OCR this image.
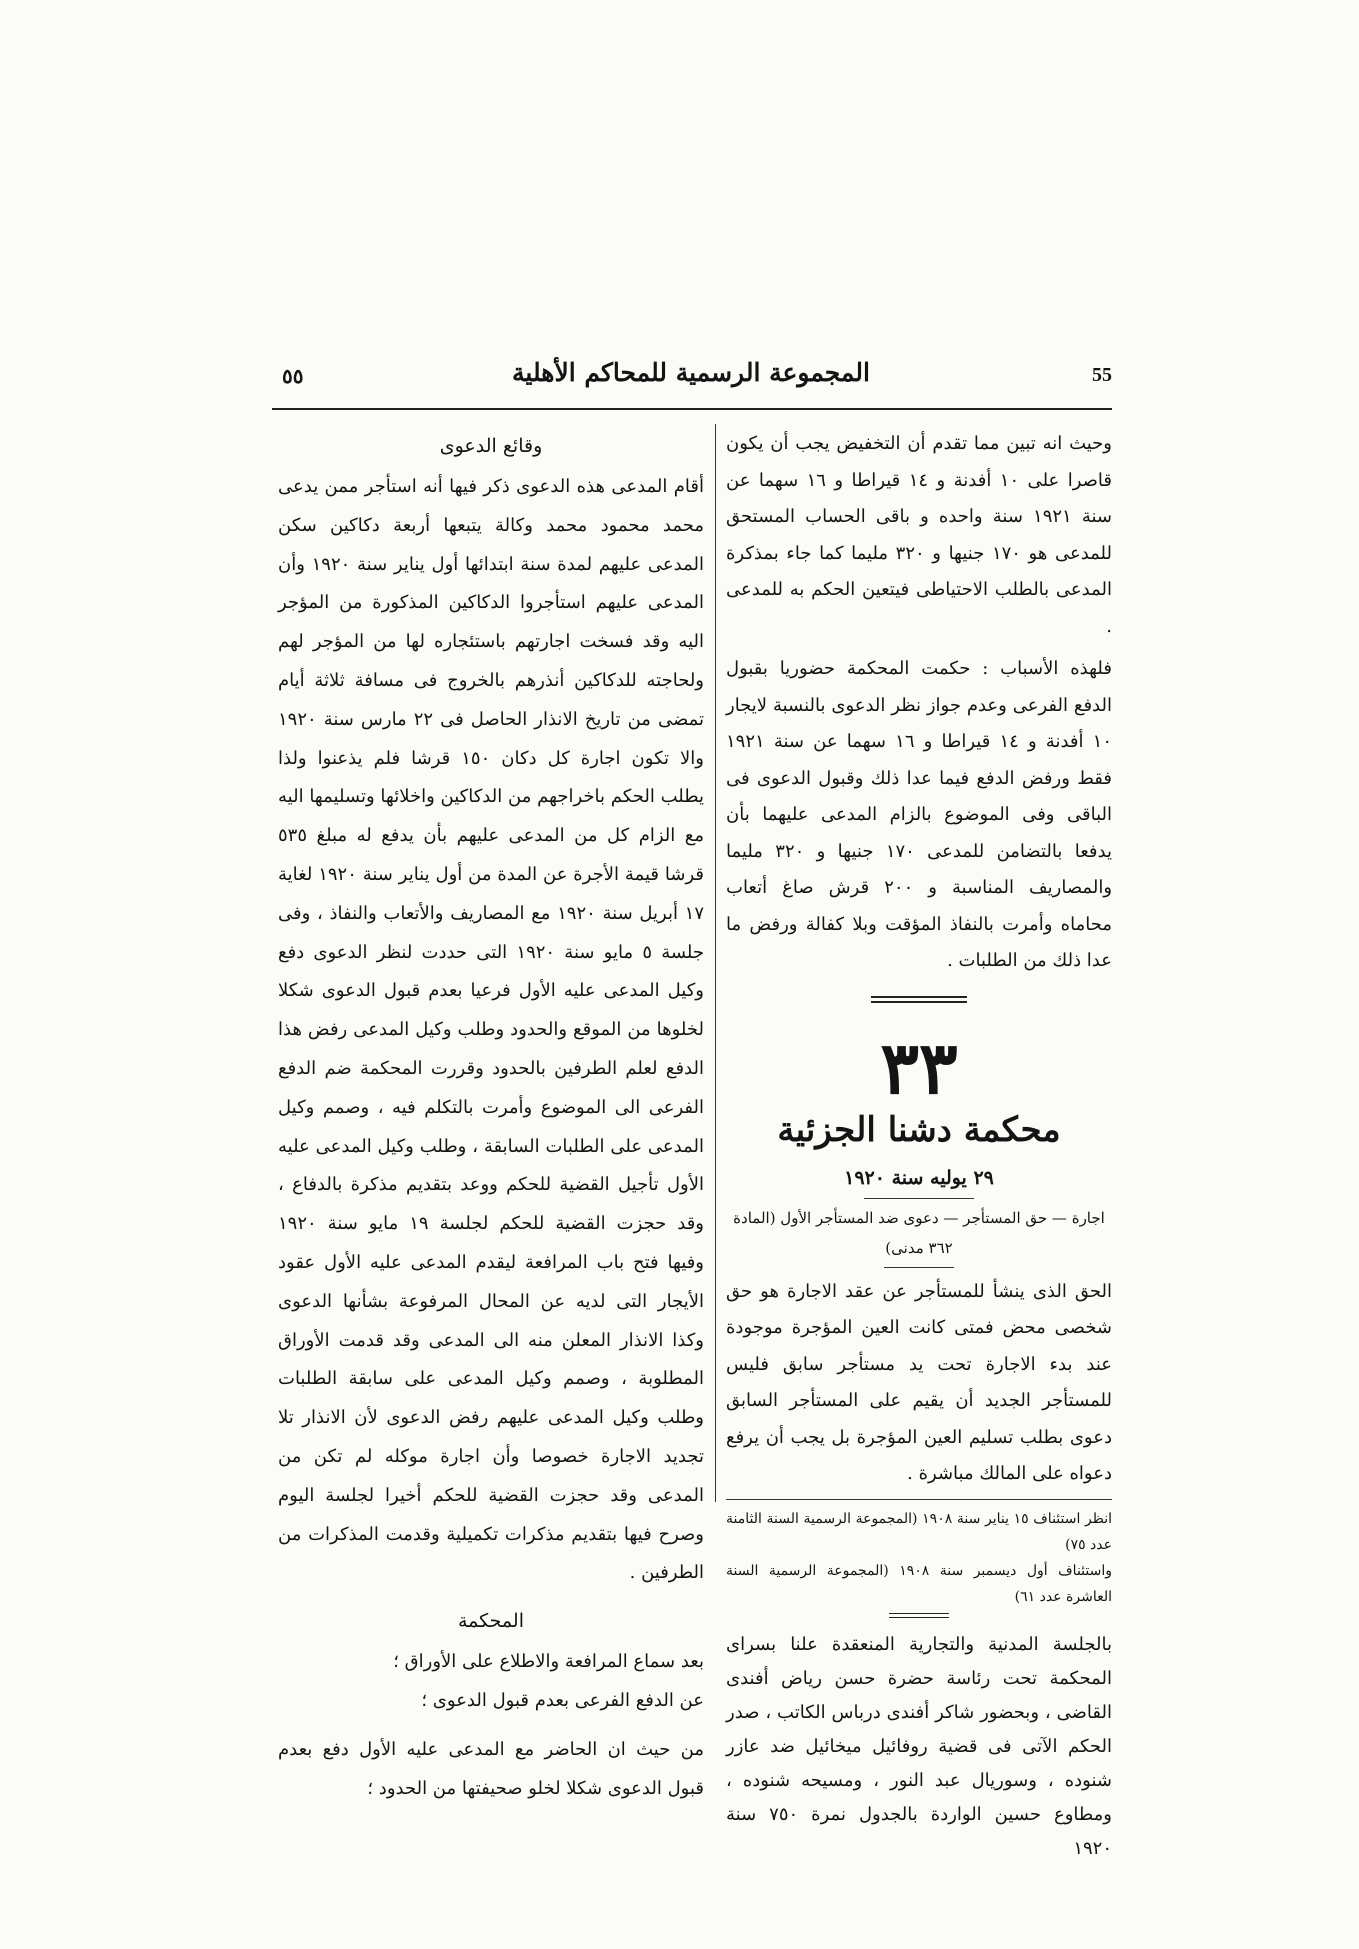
٥٥	المجموعة الرسمية للمحاكم الأهلية	55

وحيث انه تبين مما تقدم أن التخفيض يجب أن يكون قاصرا على ١٠ أفدنة و ١٤ قيراطا و ١٦ سهما عن سنة ١٩٢١ سنة واحده و باقى الحساب المستحق للمدعى هو ١٧٠ جنيها و ٣٢٠ مليما كما جاء بمذكرة المدعى بالطلب الاحتياطى فيتعين الحكم به للمدعى .

فلهذه الأسباب : حكمت المحكمة حضوريا بقبول الدفع الفرعى وعدم جواز نظر الدعوى بالنسبة لايجار ١٠ أفدنة و ١٤ قيراطا و ١٦ سهما عن سنة ١٩٢١ فقط ورفض الدفع فيما عدا ذلك وقبول الدعوى فى الباقى وفى الموضوع بالزام المدعى عليهما بأن يدفعا بالتضامن للمدعى ١٧٠ جنيها و ٣٢٠ مليما والمصاريف المناسبة و ٢٠٠ قرش صاغ أتعاب محاماه وأمرت بالنفاذ المؤقت وبلا كفالة ورفض ما عدا ذلك من الطلبات .

٣٣
محكمة دشنا الجزئية
٢٩ يوليه سنة ١٩٢٠
اجارة — حق المستأجر — دعوى ضد المستأجر الأول (المادة ٣٦٢ مدنى)

الحق الذى ينشأ للمستأجر عن عقد الاجارة هو حق شخصى محض فمتى كانت العين المؤجرة موجودة عند بدء الاجارة تحت يد مستأجر سابق فليس للمستأجر الجديد أن يقيم على المستأجر السابق دعوى بطلب تسليم العين المؤجرة بل يجب أن يرفع دعواه على المالك مباشرة .

انظر استئناف ١٥ يناير سنة ١٩٠٨ (المجموعة الرسمية السنة الثامنة عدد ٧٥)
واستئناف أول ديسمبر سنة ١٩٠٨ (المجموعة الرسمية السنة العاشرة عدد ٦١)

بالجلسة المدنية والتجارية المنعقدة علنا بسراى المحكمة تحت رئاسة حضرة حسن رياض أفندى القاضى ، وبحضور شاكر أفندى درباس الكاتب ، صدر الحكم الآتى فى قضية روفائيل ميخائيل ضد عازر شنوده ، وسوريال عبد النور ، ومسيحه شنوده ، ومطاوع حسين الواردة بالجدول نمرة ٧٥٠ سنة ١٩٢٠

وقائع الدعوى

أقام المدعى هذه الدعوى ذكر فيها أنه استأجر ممن يدعى محمد محمود محمد وكالة يتبعها أربعة دكاكين سكن المدعى عليهم لمدة سنة ابتدائها أول يناير سنة ١٩٢٠ وأن المدعى عليهم استأجروا الدكاكين المذكورة من المؤجر اليه وقد فسخت اجارتهم باستئجاره لها من المؤجر لهم ولحاجته للدكاكين أنذرهم بالخروج فى مسافة ثلاثة أيام تمضى من تاريخ الانذار الحاصل فى ٢٢ مارس سنة ١٩٢٠ والا تكون اجارة كل دكان ١٥٠ قرشا فلم يذعنوا ولذا يطلب الحكم باخراجهم من الدكاكين واخلائها وتسليمها اليه مع الزام كل من المدعى عليهم بأن يدفع له مبلغ ٥٣٥ قرشا قيمة الأجرة عن المدة من أول يناير سنة ١٩٢٠ لغاية ١٧ أبريل سنة ١٩٢٠ مع المصاريف والأتعاب والنفاذ ، وفى جلسة ٥ مايو سنة ١٩٢٠ التى حددت لنظر الدعوى دفع وكيل المدعى عليه الأول فرعيا بعدم قبول الدعوى شكلا لخلوها من الموقع والحدود وطلب وكيل المدعى رفض هذا الدفع لعلم الطرفين بالحدود وقررت المحكمة ضم الدفع الفرعى الى الموضوع وأمرت بالتكلم فيه ، وصمم وكيل المدعى على الطلبات السابقة ، وطلب وكيل المدعى عليه الأول تأجيل القضية للحكم ووعد بتقديم مذكرة بالدفاع ، وقد حجزت القضية للحكم لجلسة ١٩ مايو سنة ١٩٢٠ وفيها فتح باب المرافعة ليقدم المدعى عليه الأول عقود الأيجار التى لديه عن المحال المرفوعة بشأنها الدعوى وكذا الانذار المعلن منه الى المدعى وقد قدمت الأوراق المطلوبة ، وصمم وكيل المدعى على سابقة الطلبات وطلب وكيل المدعى عليهم رفض الدعوى لأن الانذار تلا تجديد الاجارة خصوصا وأن اجارة موكله لم تكن من المدعى وقد حجزت القضية للحكم أخيرا لجلسة اليوم وصرح فيها بتقديم مذكرات تكميلية وقدمت المذكرات من الطرفين .

المحكمة

بعد سماع المرافعة والاطلاع على الأوراق ؛

عن الدفع الفرعى بعدم قبول الدعوى ؛

من حيث ان الحاضر مع المدعى عليه الأول دفع بعدم قبول الدعوى شكلا لخلو صحيفتها من الحدود ؛
